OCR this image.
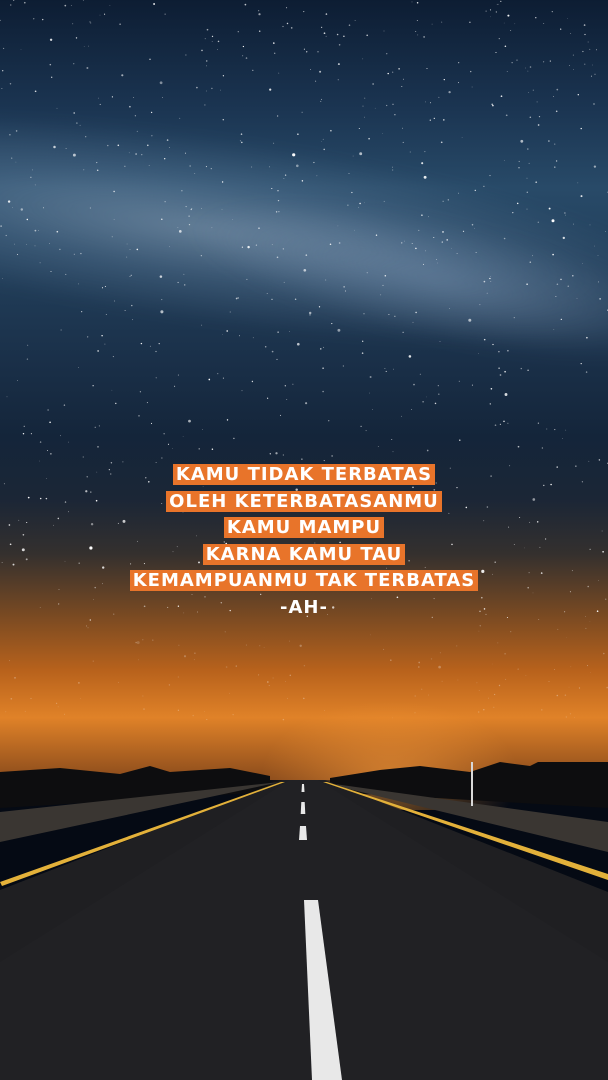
KAMU TIDAK TERBATAS
OLEH KETERBATASANMU
KAMU MAMPU
KARNA KAMU TAU
KEMAMPUANMU TAK TERBATAS
-AH-
